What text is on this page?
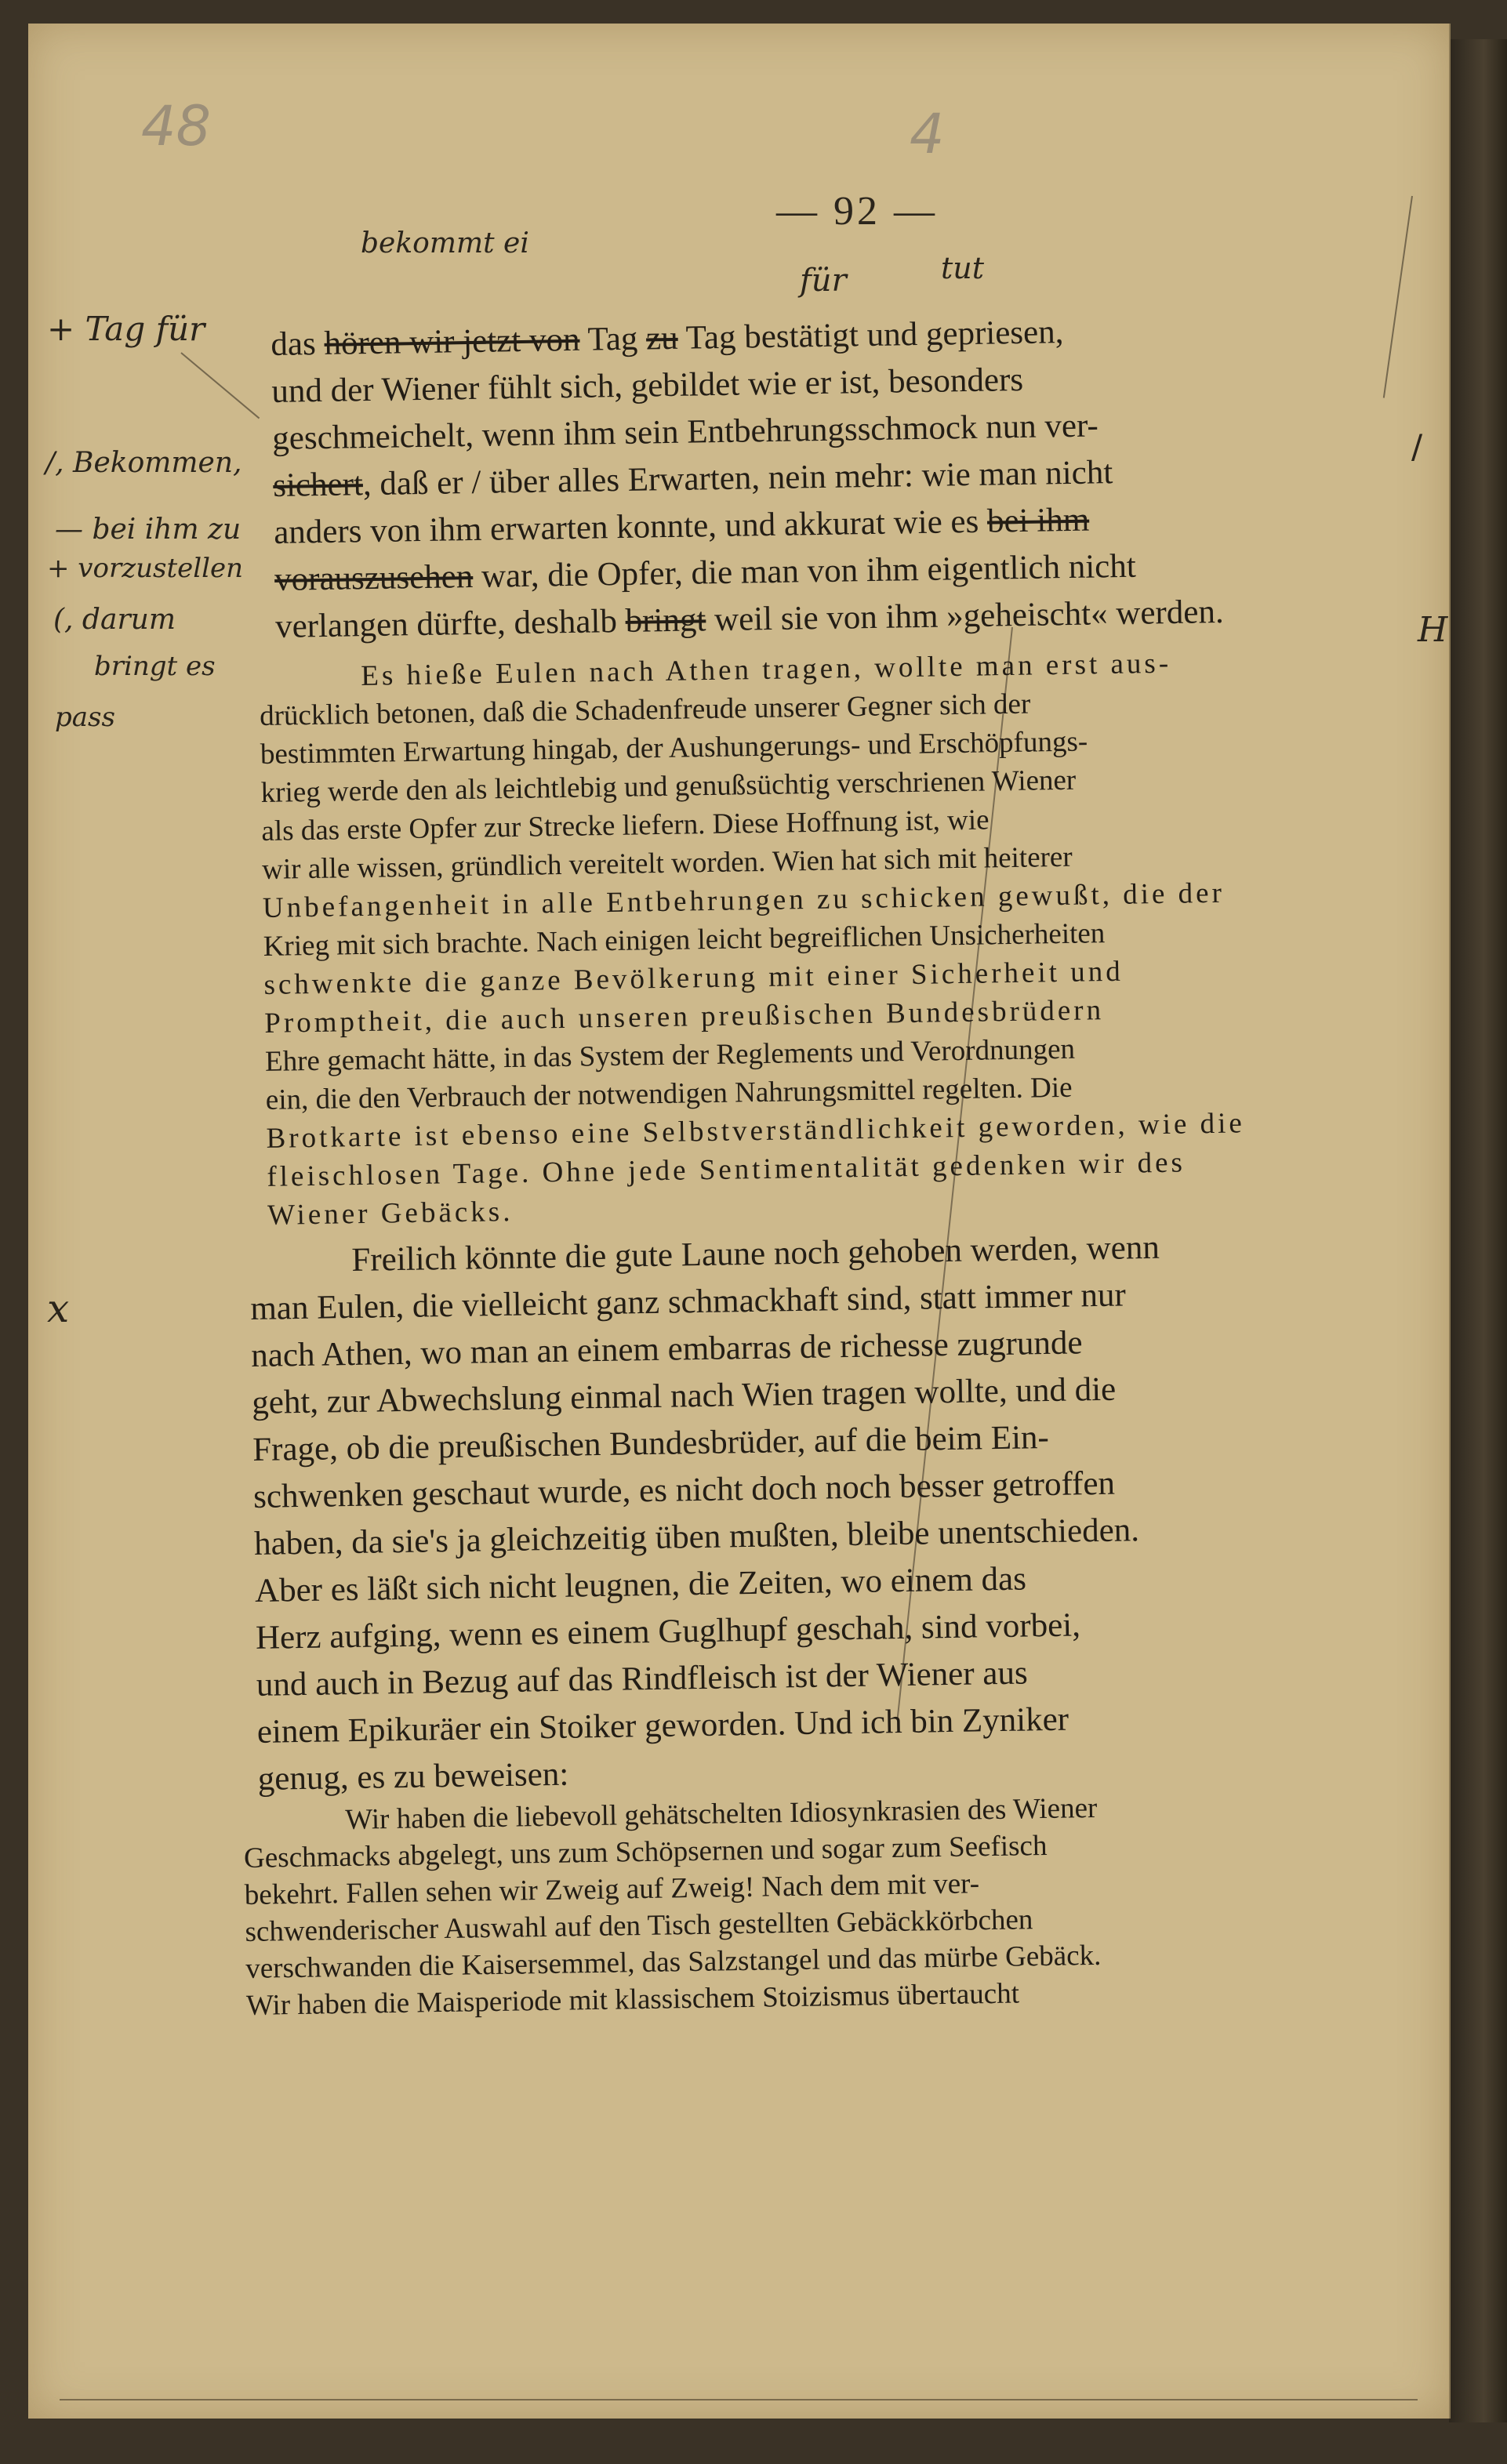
48	4
— 92 —
bekommt ei
für	tut
+ Tag für
/, Bekommen,
— bei ihm zu
+ vorzustellen
(, darum
bringt es
pass
x
/
H

das hören wir jetzt von Tag zu Tag bestätigt und gepriesen,

und der Wiener fühlt sich, gebildet wie er ist, besonders

geschmeichelt, wenn ihm sein Entbehrungsschmock nun ver-

sichert, daß er / über alles Erwarten, nein mehr: wie man nicht

anders von ihm erwarten konnte, und akkurat wie es bei ihm

vorauszusehen war, die Opfer, die man von ihm eigentlich nicht

verlangen dürfte, deshalb bringt weil sie von ihm »geheischt« werden.

Es hieße Eulen nach Athen tragen, wollte man erst aus-

drücklich betonen, daß die Schadenfreude unserer Gegner sich der

bestimmten Erwartung hingab, der Aushungerungs- und Erschöpfungs-

krieg werde den als leichtlebig und genußsüchtig verschrienen Wiener

als das erste Opfer zur Strecke liefern. Diese Hoffnung ist, wie

wir alle wissen, gründlich vereitelt worden. Wien hat sich mit heiterer

Unbefangenheit in alle Entbehrungen zu schicken gewußt, die der

Krieg mit sich brachte. Nach einigen leicht begreiflichen Unsicherheiten

schwenkte die ganze Bevölkerung mit einer Sicherheit und

Promptheit, die auch unseren preußischen Bundesbrüdern

Ehre gemacht hätte, in das System der Reglements und Verordnungen

ein, die den Verbrauch der notwendigen Nahrungsmittel regelten. Die

Brotkarte ist ebenso eine Selbstverständlichkeit geworden, wie die

fleischlosen Tage. Ohne jede Sentimentalität gedenken wir des

Wiener Gebäcks.

Freilich könnte die gute Laune noch gehoben werden, wenn

man Eulen, die vielleicht ganz schmackhaft sind, statt immer nur

nach Athen, wo man an einem embarras de richesse zugrunde

geht, zur Abwechslung einmal nach Wien tragen wollte, und die

Frage, ob die preußischen Bundesbrüder, auf die beim Ein-

schwenken geschaut wurde, es nicht doch noch besser getroffen

haben, da sie's ja gleichzeitig üben mußten, bleibe unentschieden.

Aber es läßt sich nicht leugnen, die Zeiten, wo einem das

Herz aufging, wenn es einem Guglhupf geschah, sind vorbei,

und auch in Bezug auf das Rindfleisch ist der Wiener aus

einem Epikuräer ein Stoiker geworden. Und ich bin Zyniker

genug, es zu beweisen:

Wir haben die liebevoll gehätschelten Idiosynkrasien des Wiener

Geschmacks abgelegt, uns zum Schöpsernen und sogar zum Seefisch

bekehrt. Fallen sehen wir Zweig auf Zweig! Nach dem mit ver-

schwenderischer Auswahl auf den Tisch gestellten Gebäckkörbchen

verschwanden die Kaisersemmel, das Salzstangel und das mürbe Gebäck.

Wir haben die Maisperiode mit klassischem Stoizismus übertaucht
